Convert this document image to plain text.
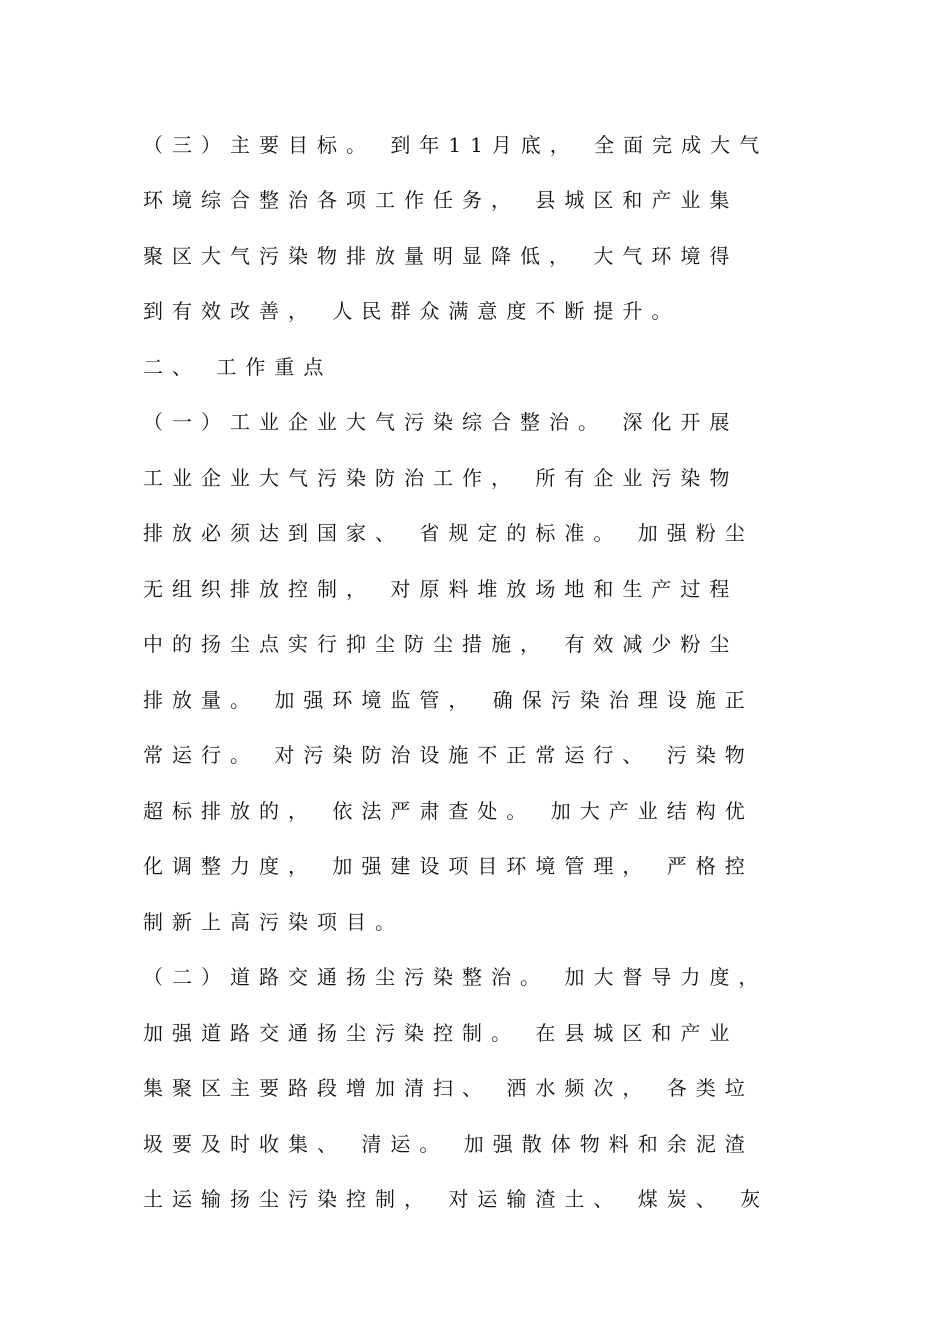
（三）主要目标。 到年11月底， 全面完成大气
环境综合整治各项工作任务， 县城区和产业集
聚区大气污染物排放量明显降低， 大气环境得
到有效改善， 人民群众满意度不断提升。
二、 工作重点
（一）工业企业大气污染综合整治。 深化开展
工业企业大气污染防治工作， 所有企业污染物
排放必须达到国家、 省规定的标准。 加强粉尘
无组织排放控制， 对原料堆放场地和生产过程
中的扬尘点实行抑尘防尘措施， 有效减少粉尘
排放量。 加强环境监管， 确保污染治理设施正
常运行。 对污染防治设施不正常运行、 污染物
超标排放的， 依法严肃查处。 加大产业结构优
化调整力度， 加强建设项目环境管理， 严格控
制新上高污染项目。
（二）道路交通扬尘污染整治。 加大督导力度，
加强道路交通扬尘污染控制。 在县城区和产业
集聚区主要路段增加清扫、 洒水频次， 各类垃
圾要及时收集、 清运。 加强散体物料和余泥渣
土运输扬尘污染控制， 对运输渣土、 煤炭、 灰
